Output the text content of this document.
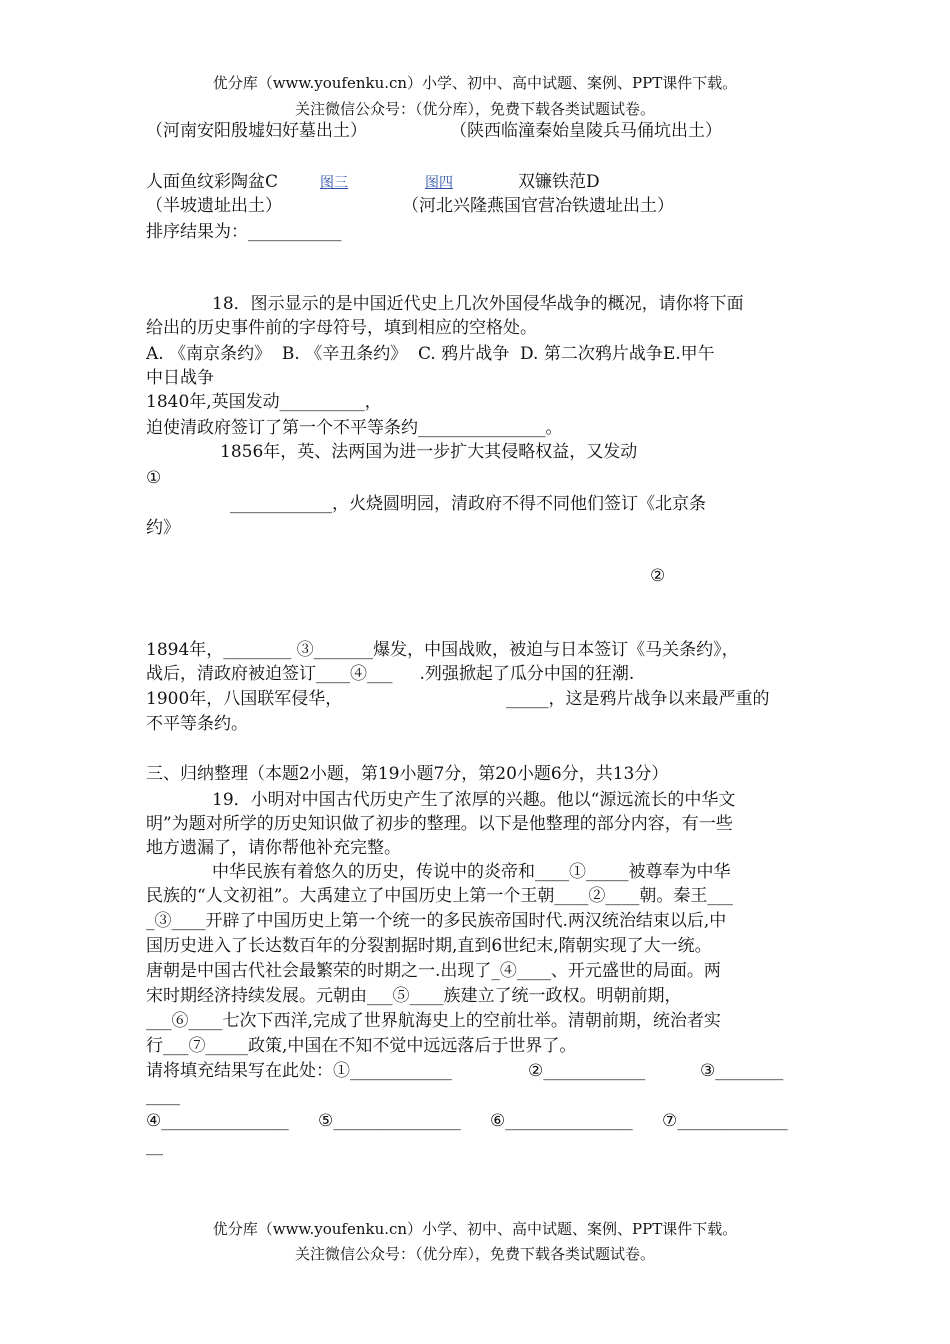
优分库（www.youfenku.cn）小学、初中、高中试题、案例、PPT课件下载。
关注微信公众号：（优分库），免费下载各类试题试卷。
（河南安阳殷墟妇好墓出土）	（陕西临潼秦始皇陵兵马俑坑出土）
人面鱼纹彩陶盆C	图三	图四	双镰铁范D
（半坡遗址出土）	（河北兴隆燕国官营冶铁遗址出土）
排序结果为：___________
18．图示显示的是中国近代史上几次外国侵华战争的概况，请你将下面
给出的历史事件前的字母符号，填到相应的空格处。
A. 《南京条约》  B. 《辛丑条约》  C. 鸦片战争  D. 第二次鸦片战争E.甲午
中日战争
1840年,英国发动__________，
迫使清政府签订了第一个不平等条约_______________。
1856年，英、法两国为进一步扩大其侵略权益，又发动
①
____________，火烧圆明园，清政府不得不同他们签订《北京条
约》
②
1894年，________ ③_______爆发，中国战败，被迫与日本签订《马关条约》，
战后，清政府被迫签订____④___     .列强掀起了瓜分中国的狂潮.
1900年，八国联军侵华，	_____，这是鸦片战争以来最严重的
不平等条约。
三、归纳整理（本题2小题，第19小题7分，第20小题6分，共13分）
19．小明对中国古代历史产生了浓厚的兴趣。他以“源远流长的中华文
明”为题对所学的历史知识做了初步的整理。以下是他整理的部分内容，有一些
地方遗漏了，请你帮他补充完整。
中华民族有着悠久的历史，传说中的炎帝和____①_____被尊奉为中华
民族的“人文初祖”。大禹建立了中国历史上第一个王朝____②____朝。秦王___
_③____开辟了中国历史上第一个统一的多民族帝国时代.两汉统治结束以后,中
国历史进入了长达数百年的分裂割据时期,直到6世纪末,隋朝实现了大一统。
唐朝是中国古代社会最繁荣的时期之一.出现了_④____、开元盛世的局面。两
宋时期经济持续发展。元朝由___⑤____族建立了统一政权。明朝前期，
___⑥____七次下西洋,完成了世界航海史上的空前壮举。清朝前期，统治者实
行___⑦_____政策,中国在不知不觉中远远落后于世界了。
请将填充结果写在此处：①____________	②____________	③________
____
④_______________ ⑤_______________ ⑥_______________ ⑦_____________
__
优分库（www.youfenku.cn）小学、初中、高中试题、案例、PPT课件下载。
关注微信公众号：（优分库），免费下载各类试题试卷。
